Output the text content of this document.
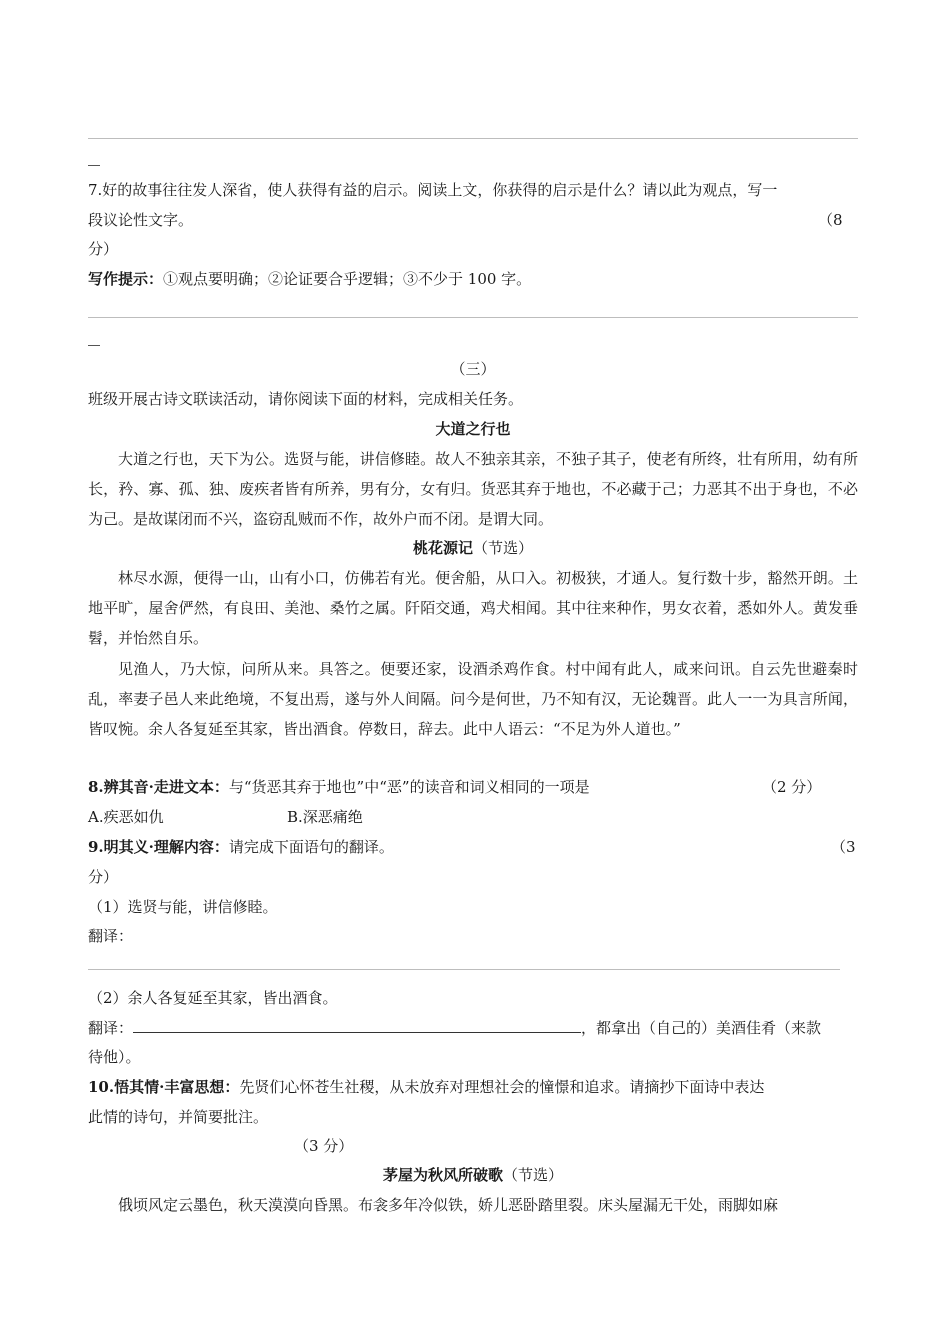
7.好的故事往往发人深省，使人获得有益的启示。阅读上文，你获得的启示是什么？请以此为观点，写一
段议论性文字。	（8
分）
写作提示：①观点要明确；②论证要合乎逻辑；③不少于 100 字。
（三）
班级开展古诗文联读活动，请你阅读下面的材料，完成相关任务。
大道之行也
大道之行也，天下为公。选贤与能，讲信修睦。故人不独亲其亲，不独子其子，使老有所终，壮有所用，幼有所长，矜、寡、孤、独、废疾者皆有所养，男有分，女有归。货恶其弃于地也，不必藏于己；力恶其不出于身也，不必为己。是故谋闭而不兴，盗窃乱贼而不作，故外户而不闭。是谓大同。
桃花源记（节选）
林尽水源，便得一山，山有小口，仿佛若有光。便舍船，从口入。初极狭，才通人。复行数十步，豁然开朗。土地平旷，屋舍俨然，有良田、美池、桑竹之属。阡陌交通，鸡犬相闻。其中往来种作，男女衣着，悉如外人。黄发垂髫，并怡然自乐。
见渔人，乃大惊，问所从来。具答之。便要还家，设酒杀鸡作食。村中闻有此人，咸来问讯。自云先世避秦时乱，率妻子邑人来此绝境，不复出焉，遂与外人间隔。问今是何世，乃不知有汉，无论魏晋。此人一一为具言所闻，皆叹惋。余人各复延至其家，皆出酒食。停数日，辞去。此中人语云：“不足为外人道也。”
8.辨其音·走进文本：与“货恶其弃于地也”中“恶”的读音和词义相同的一项是	（2 分）
A.疾恶如仇	B.深恶痛绝
9.明其义·理解内容：请完成下面语句的翻译。	（3
分）
（1）选贤与能，讲信修睦。
翻译：
（2）余人各复延至其家，皆出酒食。
翻译：	，都拿出（自己的）美酒佳肴（来款
待他）。
10.悟其情·丰富思想：先贤们心怀苍生社稷，从未放弃对理想社会的憧憬和追求。请摘抄下面诗中表达
此情的诗句，并简要批注。
（3 分）
茅屋为秋风所破歌（节选）
俄顷风定云墨色，秋天漠漠向昏黑。布衾多年冷似铁，娇儿恶卧踏里裂。床头屋漏无干处，雨脚如麻
